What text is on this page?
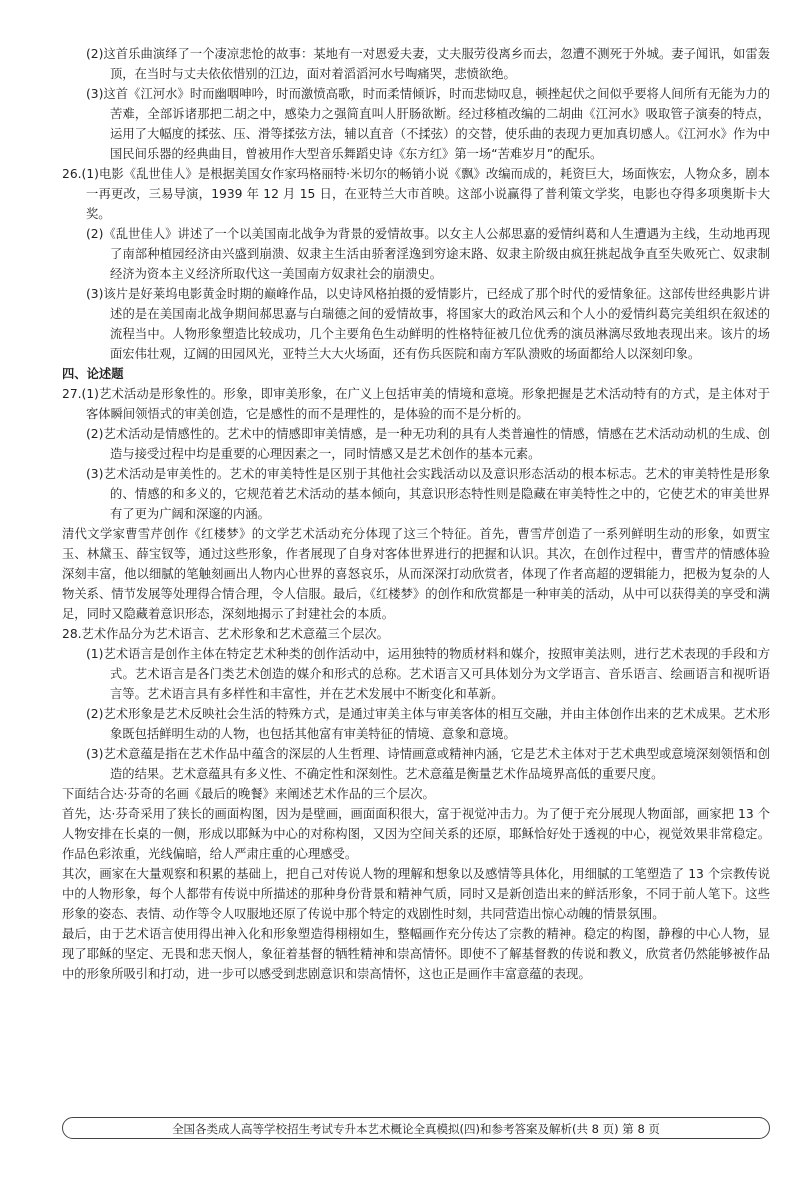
(2)这首乐曲演绎了一个凄凉悲怆的故事：某地有一对恩爱夫妻，丈夫服劳役离乡而去，忽遭不测死于外城。妻子闻讯，如雷轰顶，在当时与丈夫依依惜别的江边，面对着滔滔河水号啕痛哭，悲愤欲绝。

(3)这首《江河水》时而幽咽呻吟，时而激愤高歌，时而柔情倾诉，时而悲恸叹息，顿挫起伏之间似乎要将人间所有无能为力的苦难，全部诉诸那把二胡之中，感染力之强简直叫人肝肠欲断。经过移植改编的二胡曲《江河水》吸取管子演奏的特点，运用了大幅度的揉弦、压、滑等揉弦方法，辅以直音（不揉弦）的交替，使乐曲的表现力更加真切感人。《江河水》作为中国民间乐器的经典曲目，曾被用作大型音乐舞蹈史诗《东方红》第一场“苦难岁月”的配乐。

26.(1)电影《乱世佳人》是根据美国女作家玛格丽特·米切尔的畅销小说《飘》改编而成的，耗资巨大，场面恢宏，人物众多，剧本一再更改，三易导演，1939 年 12 月 15 日，在亚特兰大市首映。这部小说赢得了普利策文学奖，电影也夺得多项奥斯卡大奖。

(2)《乱世佳人》讲述了一个以美国南北战争为背景的爱情故事。以女主人公郝思嘉的爱情纠葛和人生遭遇为主线，生动地再现了南部种植园经济由兴盛到崩溃、奴隶主生活由骄奢淫逸到穷途末路、奴隶主阶级由疯狂挑起战争直至失败死亡、奴隶制经济为资本主义经济所取代这一美国南方奴隶社会的崩溃史。

(3)该片是好莱坞电影黄金时期的巅峰作品，以史诗风格拍摄的爱情影片，已经成了那个时代的爱情象征。这部传世经典影片讲述的是在美国南北战争期间郝思嘉与白瑞德之间的爱情故事，将国家大的政治风云和个人小的爱情纠葛完美组织在叙述的流程当中。人物形象塑造比较成功，几个主要角色生动鲜明的性格特征被几位优秀的演员淋漓尽致地表现出来。该片的场面宏伟壮观，辽阔的田园风光，亚特兰大大火场面，还有伤兵医院和南方军队溃败的场面都给人以深刻印象。

四、论述题

27.(1)艺术活动是形象性的。形象，即审美形象，在广义上包括审美的情境和意境。形象把握是艺术活动特有的方式，是主体对于客体瞬间领悟式的审美创造，它是感性的而不是理性的，是体验的而不是分析的。

(2)艺术活动是情感性的。艺术中的情感即审美情感，是一种无功利的具有人类普遍性的情感，情感在艺术活动动机的生成、创造与接受过程中均是重要的心理因素之一，同时情感又是艺术创作的基本元素。

(3)艺术活动是审美性的。艺术的审美特性是区别于其他社会实践活动以及意识形态活动的根本标志。艺术的审美特性是形象的、情感的和多义的，它规范着艺术活动的基本倾向，其意识形态特性则是隐藏在审美特性之中的，它使艺术的审美世界有了更为广阔和深邃的内涵。

清代文学家曹雪芹创作《红楼梦》的文学艺术活动充分体现了这三个特征。首先，曹雪芹创造了一系列鲜明生动的形象，如贾宝玉、林黛玉、薛宝钗等，通过这些形象，作者展现了自身对客体世界进行的把握和认识。其次，在创作过程中，曹雪芹的情感体验深刻丰富，他以细腻的笔触刻画出人物内心世界的喜怒哀乐，从而深深打动欣赏者，体现了作者高超的逻辑能力，把极为复杂的人物关系、情节发展等处理得合情合理，令人信服。最后，《红楼梦》的创作和欣赏都是一种审美的活动，从中可以获得美的享受和满足，同时又隐藏着意识形态，深刻地揭示了封建社会的本质。

28.艺术作品分为艺术语言、艺术形象和艺术意蕴三个层次。

(1)艺术语言是创作主体在特定艺术种类的创作活动中，运用独特的物质材料和媒介，按照审美法则，进行艺术表现的手段和方式。艺术语言是各门类艺术创造的媒介和形式的总称。艺术语言又可具体划分为文学语言、音乐语言、绘画语言和视听语言等。艺术语言具有多样性和丰富性，并在艺术发展中不断变化和革新。

(2)艺术形象是艺术反映社会生活的特殊方式，是通过审美主体与审美客体的相互交融，并由主体创作出来的艺术成果。艺术形象既包括鲜明生动的人物，也包括其他富有审美特征的情境、意象和意境。

(3)艺术意蕴是指在艺术作品中蕴含的深层的人生哲理、诗情画意或精神内涵，它是艺术主体对于艺术典型或意境深刻领悟和创造的结果。艺术意蕴具有多义性、不确定性和深刻性。艺术意蕴是衡量艺术作品境界高低的重要尺度。

下面结合达·芬奇的名画《最后的晚餐》来阐述艺术作品的三个层次。

首先，达·芬奇采用了狭长的画面构图，因为是壁画，画面面积很大，富于视觉冲击力。为了便于充分展现人物面部，画家把 13 个人物安排在长桌的一侧，形成以耶稣为中心的对称构图，又因为空间关系的还原，耶稣恰好处于透视的中心，视觉效果非常稳定。作品色彩浓重，光线偏暗，给人严肃庄重的心理感受。

其次，画家在大量观察和积累的基础上，把自己对传说人物的理解和想象以及感情等具体化，用细腻的工笔塑造了 13 个宗教传说中的人物形象，每个人都带有传说中所描述的那种身份背景和精神气质，同时又是新创造出来的鲜活形象，不同于前人笔下。这些形象的姿态、表情、动作等令人叹服地还原了传说中那个特定的戏剧性时刻，共同营造出惊心动魄的情景氛围。

最后，由于艺术语言使用得出神入化和形象塑造得栩栩如生，整幅画作充分传达了宗教的精神。稳定的构图，静穆的中心人物，显现了耶稣的坚定、无畏和悲天悯人，象征着基督的牺牲精神和崇高情怀。即使不了解基督教的传说和教义，欣赏者仍然能够被作品中的形象所吸引和打动，进一步可以感受到悲剧意识和崇高情怀，这也正是画作丰富意蕴的表现。

全国各类成人高等学校招生考试专升本艺术概论全真模拟(四)和参考答案及解析(共 8 页) 第 8 页
